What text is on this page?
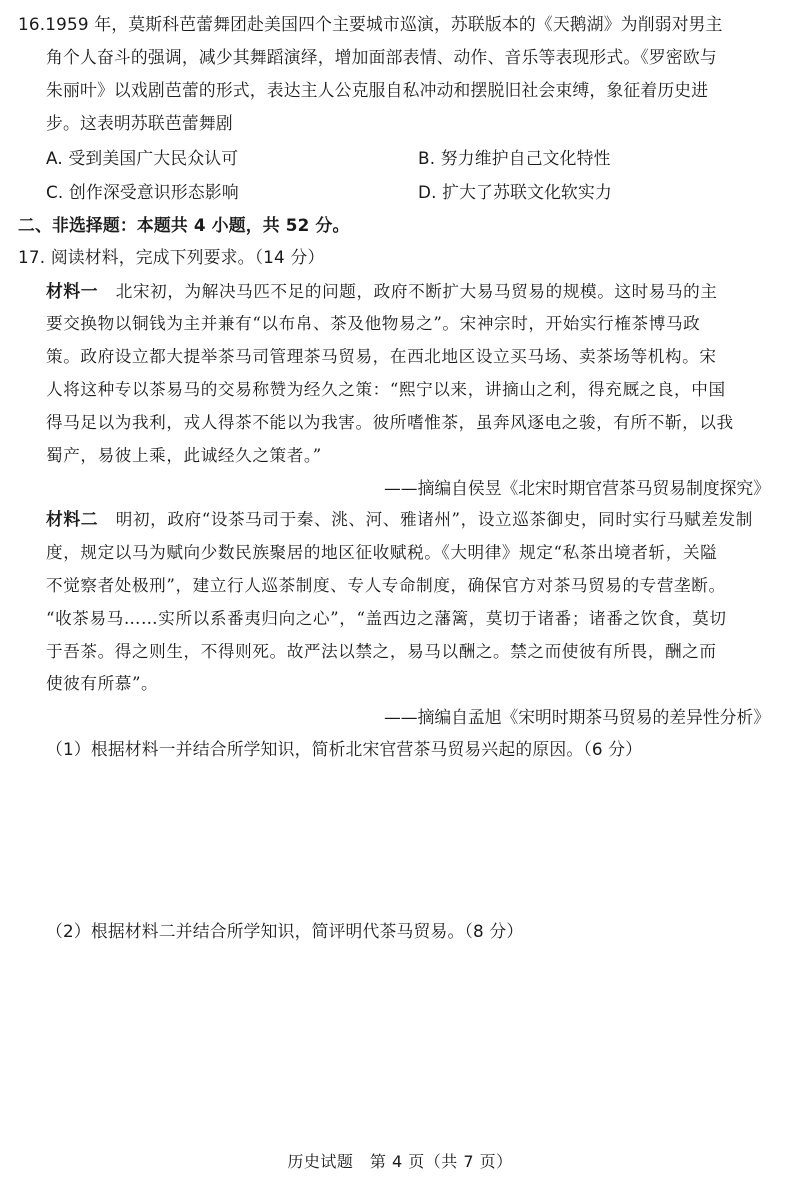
16.1959 年，莫斯科芭蕾舞团赴美国四个主要城市巡演，苏联版本的《天鹅湖》为削弱对男主
角个人奋斗的强调，减少其舞蹈演绎，增加面部表情、动作、音乐等表现形式。《罗密欧与
朱丽叶》以戏剧芭蕾的形式，表达主人公克服自私冲动和摆脱旧社会束缚，象征着历史进
步。这表明苏联芭蕾舞剧
A. 受到美国广大民众认可	B. 努力维护自己文化特性
C. 创作深受意识形态影响	D. 扩大了苏联文化软实力
二、非选择题：本题共 4 小题，共 52 分。
17. 阅读材料，完成下列要求。（14 分）
材料一 北宋初，为解决马匹不足的问题，政府不断扩大易马贸易的规模。这时易马的主
要交换物以铜钱为主并兼有“以布帛、茶及他物易之”。宋神宗时，开始实行榷茶博马政
策。政府设立都大提举茶马司管理茶马贸易，在西北地区设立买马场、卖茶场等机构。宋
人将这种专以茶易马的交易称赞为经久之策：“熙宁以来，讲摘山之利，得充厩之良，中国
得马足以为我利，戎人得茶不能以为我害。彼所嗜惟茶，虽奔风逐电之骏，有所不靳，以我
蜀产，易彼上乘，此诚经久之策者。”
——摘编自侯昱《北宋时期官营茶马贸易制度探究》
材料二 明初，政府“设茶马司于秦、洮、河、雅诸州”，设立巡茶御史，同时实行马赋差发制
度，规定以马为赋向少数民族聚居的地区征收赋税。《大明律》规定“私茶出境者斩，关隘
不觉察者处极刑”，建立行人巡茶制度、专人专命制度，确保官方对茶马贸易的专营垄断。
“收茶易马……实所以系番夷归向之心”，“盖西边之藩篱，莫切于诸番；诸番之饮食，莫切
于吾茶。得之则生，不得则死。故严法以禁之，易马以酬之。禁之而使彼有所畏，酬之而
使彼有所慕”。
——摘编自孟旭《宋明时期茶马贸易的差异性分析》
（1）根据材料一并结合所学知识，简析北宋官营茶马贸易兴起的原因。（6 分）
（2）根据材料二并结合所学知识，简评明代茶马贸易。（8 分）
历史试题　第 4 页（共 7 页）
